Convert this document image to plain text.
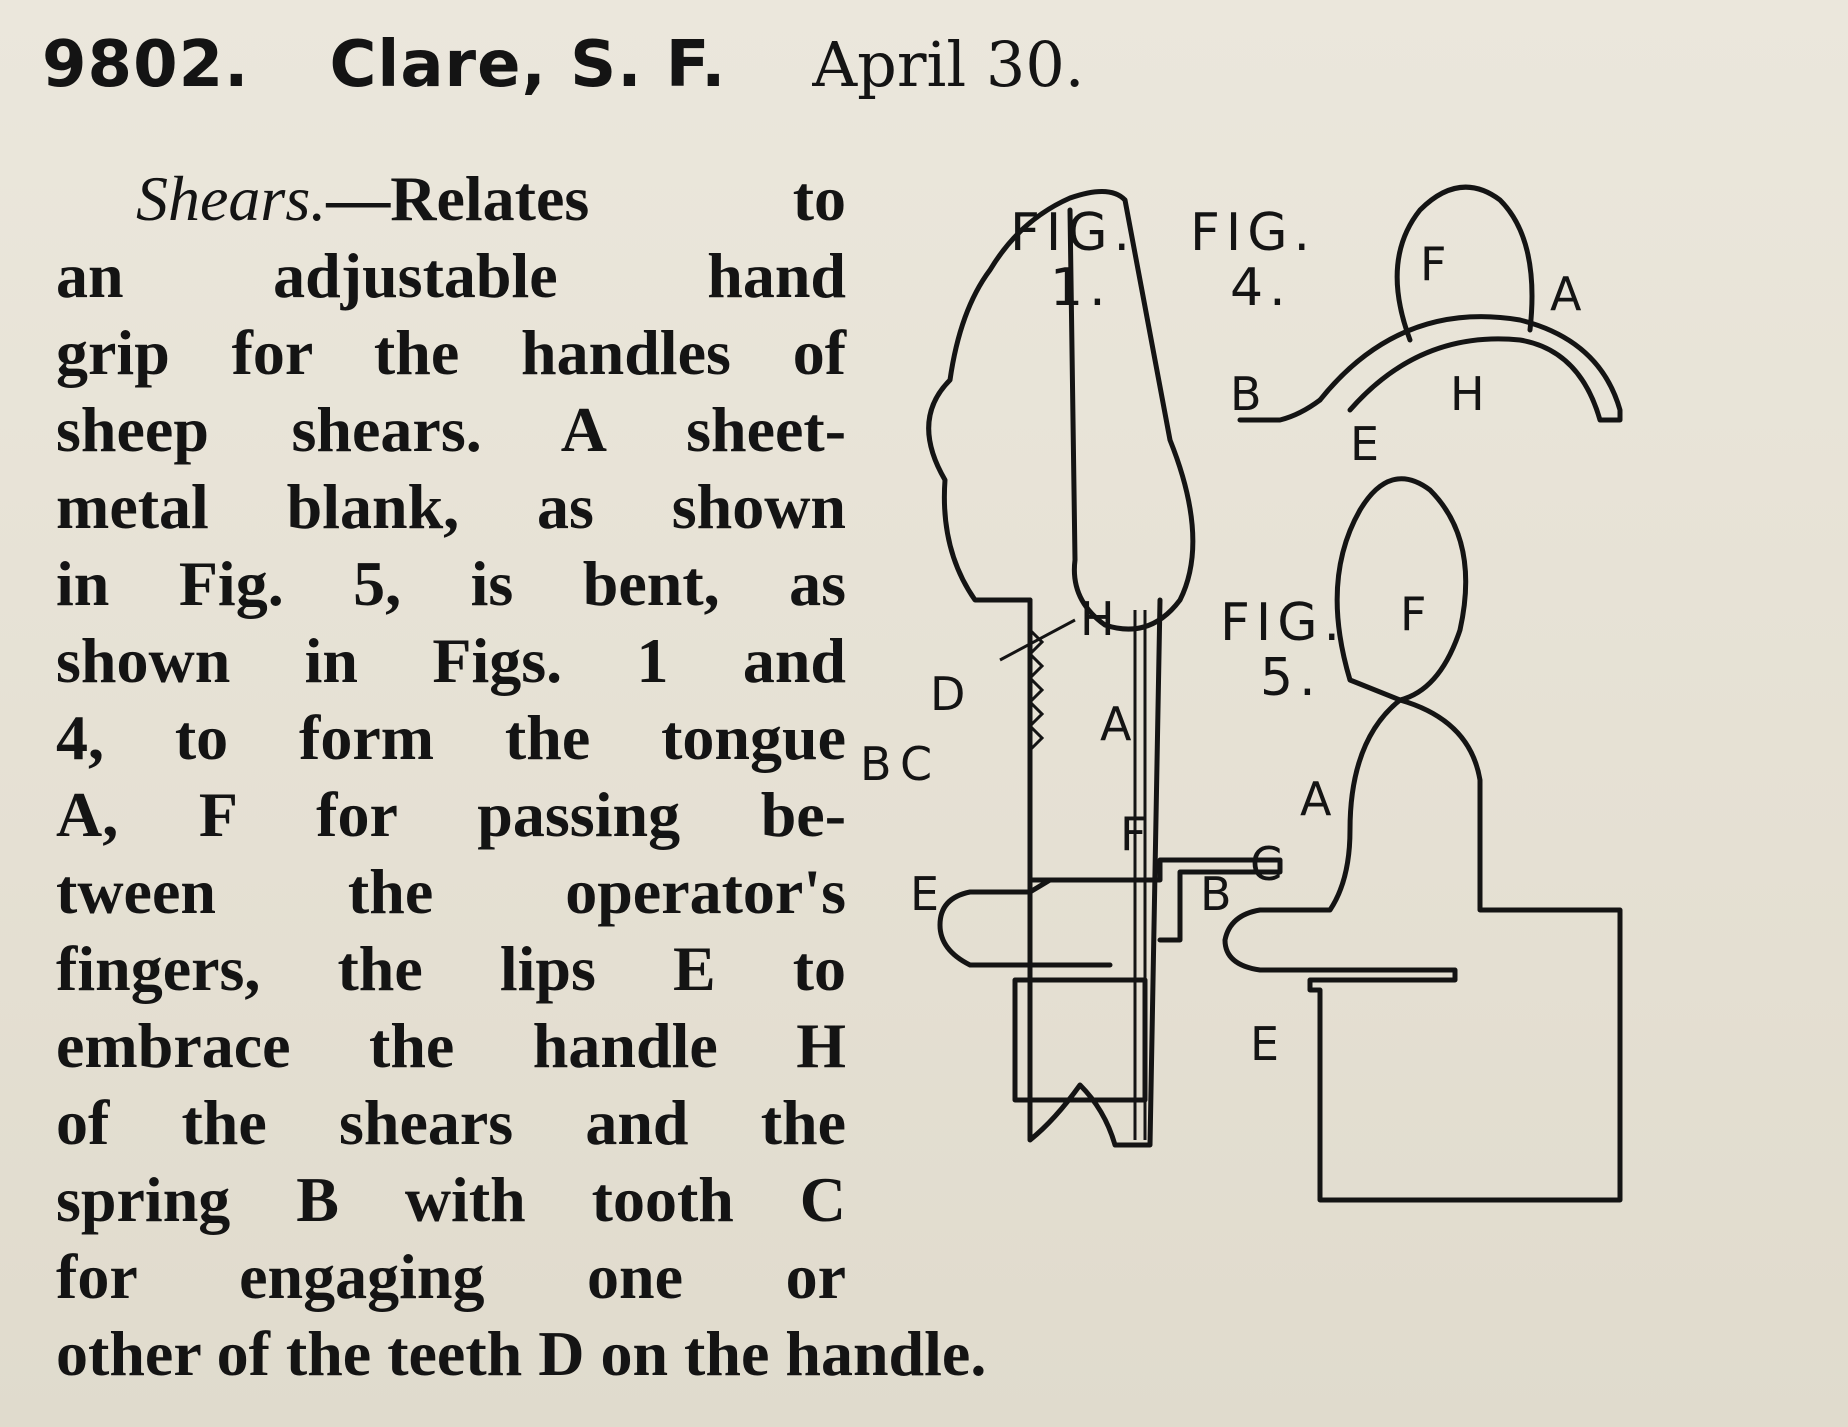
9802. Clare, S. F. April 30.
Shears.—Relates to
an adjustable hand
grip for the handles of
sheep shears. A sheet-
metal blank, as shown
in Fig. 5, is bent, as
shown in Figs. 1 and
4, to form the tongue
A, F for passing be-
tween the operator's
fingers, the lips E to
embrace the handle H
of the shears and the
spring B with tooth C
for engaging one or
other of the teeth D on the handle.
H
D
A
B C
F
E
FIG.
1.
FIG.
4.	F
A
B	H
E
FIG.
5.
F
A
C
B
E
